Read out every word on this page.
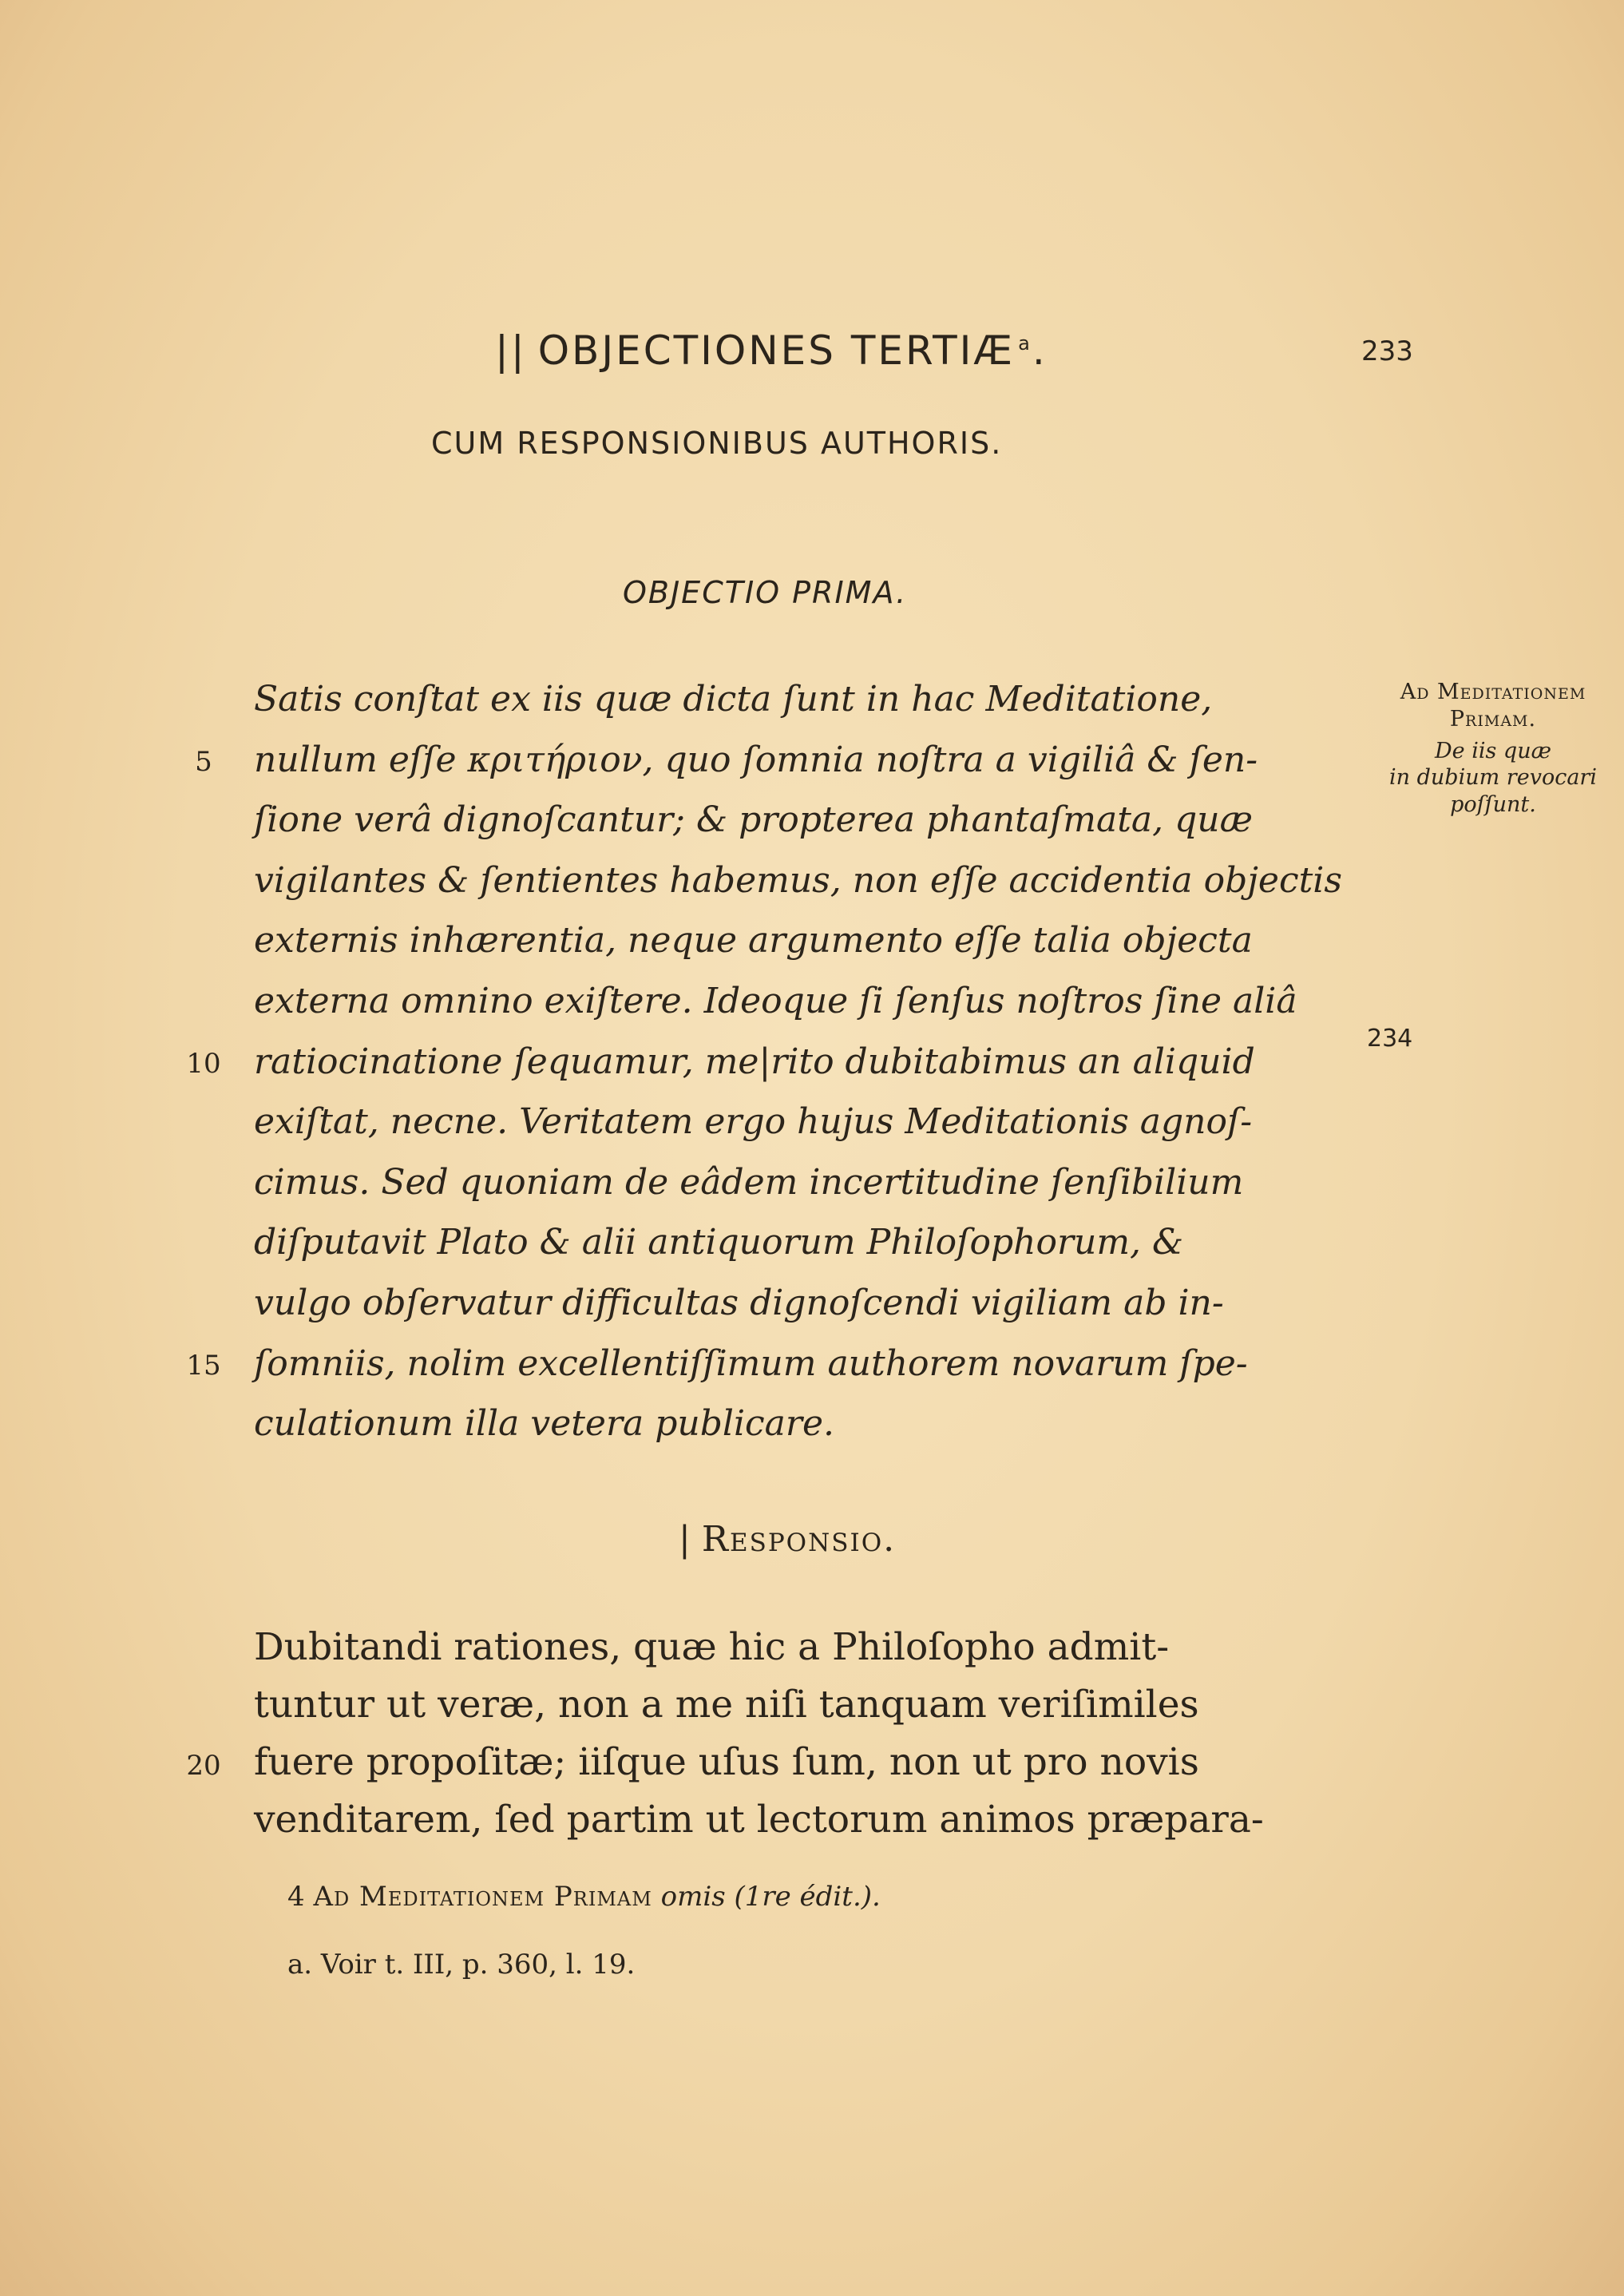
|| OBJECTIONES TERTIÆ $^a$.	233
CUM RESPONSIONIBUS AUTHORIS.
OBJECTIO PRIMA.
Satis conſtat ex iis quæ dicta ſunt in hac Meditatione,
nullum eſſe κριτήριον, quo ſomnia noſtra a vigiliâ & ſen-
5
ſione verâ dignoſcantur; & propterea phantaſmata, quæ
vigilantes & ſentientes habemus, non eſſe accidentia objectis
externis inhærentia, neque argumento eſſe talia objecta
externa omnino exiſtere. Ideoque ſi ſenſus noſtros ſine aliâ
ratiocinatione ſequamur, me|rito dubitabimus an aliquid
10
exiſtat, necne. Veritatem ergo hujus Meditationis agnoſ-
cimus. Sed quoniam de eâdem incertitudine ſenſibilium
diſputavit Plato & alii antiquorum Philoſophorum, &
vulgo obſervatur difficultas dignoſcendi vigiliam ab in-
ſomniis, nolim excellentiſſimum authorem novarum ſpe-
15
culationum illa vetera publicare.
Ad Meditationem
Primam.
De iis quæ
in dubium revocari
poſſunt.
234
| Responsio.
Dubitandi rationes, quæ hic a Philoſopho admit-
tuntur ut veræ, non a me niſi tanquam veriſimiles
fuere propoſitæ; iiſque uſus ſum, non ut pro novis
20
venditarem, ſed partim ut lectorum animos præpara-
4 Ad Meditationem Primam omis (1re édit.).
a. Voir t. III, p. 360, l. 19.
